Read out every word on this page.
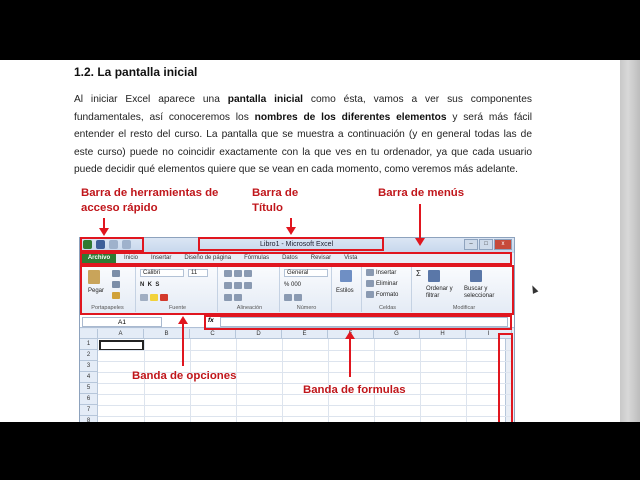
1.2. La pantalla inicial
Al iniciar Excel aparece una pantalla inicial como ésta, vamos a ver sus componentes fundamentales, así conoceremos los nombres de los diferentes elementos y será más fácil entender el resto del curso. La pantalla que se muestra a continuación (y en general todas las de este curso) puede no coincidir exactamente con la que ves en tu ordenador, ya que cada usuario puede decidir qué elementos quiere que se vean en cada momento, como veremos más adelante.
Barra de herramientas de acceso rápido
Barra de Título
Barra de menús
Libro1 - Microsoft Excel	–	□	x
Archivo	Inicio Insertar Diseño de página Fórmulas Datos Revisar Vista
Pegar
Portapapeles
Calibri	11
N  K  S
Fuente	Alineación
General
% 000
Número
Estilos
Insertar
Eliminar
Formato
Celdas
Σ
Ordenar y filtrar
Buscar y seleccionar
Modificar
A1	fx
A	B	C	D	E	F	G	H	I
1
2
3
4
5
6
7
8
Banda de opciones
Banda de formulas
